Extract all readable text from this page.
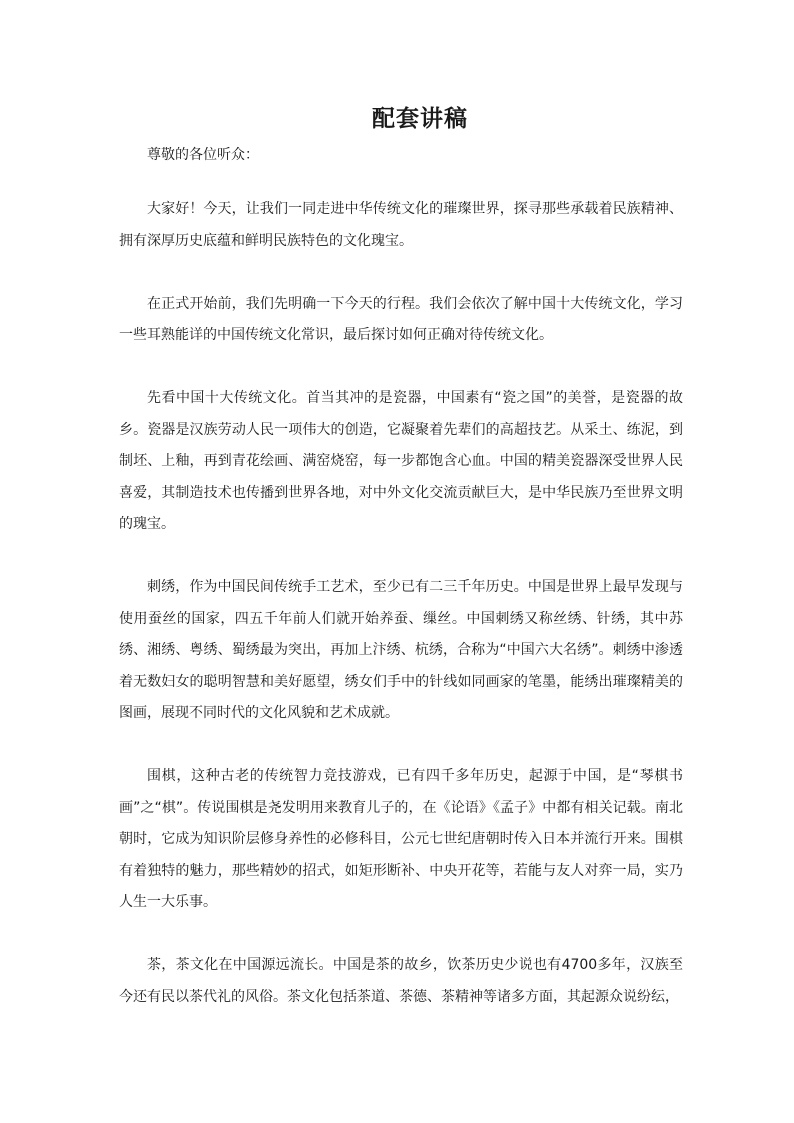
配套讲稿
尊敬的各位听众：

大家好！今天，让我们一同走进中华传统文化的璀璨世界，探寻那些承载着民族精神、拥有深厚历史底蕴和鲜明民族特色的文化瑰宝。

在正式开始前，我们先明确一下今天的行程。我们会依次了解中国十大传统文化，学习一些耳熟能详的中国传统文化常识，最后探讨如何正确对待传统文化。

先看中国十大传统文化。首当其冲的是瓷器，中国素有“瓷之国”的美誉，是瓷器的故乡。瓷器是汉族劳动人民一项伟大的创造，它凝聚着先辈们的高超技艺。从采土、练泥，到制坯、上釉，再到青花绘画、满窑烧窑，每一步都饱含心血。中国的精美瓷器深受世界人民喜爱，其制造技术也传播到世界各地，对中外文化交流贡献巨大，是中华民族乃至世界文明的瑰宝。

刺绣，作为中国民间传统手工艺术，至少已有二三千年历史。中国是世界上最早发现与使用蚕丝的国家，四五千年前人们就开始养蚕、缫丝。中国刺绣又称丝绣、针绣，其中苏绣、湘绣、粤绣、蜀绣最为突出，再加上汴绣、杭绣，合称为“中国六大名绣”。刺绣中渗透着无数妇女的聪明智慧和美好愿望，绣女们手中的针线如同画家的笔墨，能绣出璀璨精美的图画，展现不同时代的文化风貌和艺术成就。

围棋，这种古老的传统智力竞技游戏，已有四千多年历史，起源于中国，是“琴棋书画”之“棋”。传说围棋是尧发明用来教育儿子的，在《论语》《孟子》中都有相关记载。南北朝时，它成为知识阶层修身养性的必修科目，公元七世纪唐朝时传入日本并流行开来。围棋有着独特的魅力，那些精妙的招式，如矩形断补、中央开花等，若能与友人对弈一局，实乃人生一大乐事。

茶，茶文化在中国源远流长。中国是茶的故乡，饮茶历史少说也有4700多年，汉族至今还有民以茶代礼的风俗。茶文化包括茶道、茶德、茶精神等诸多方面，其起源众说纷纭，
